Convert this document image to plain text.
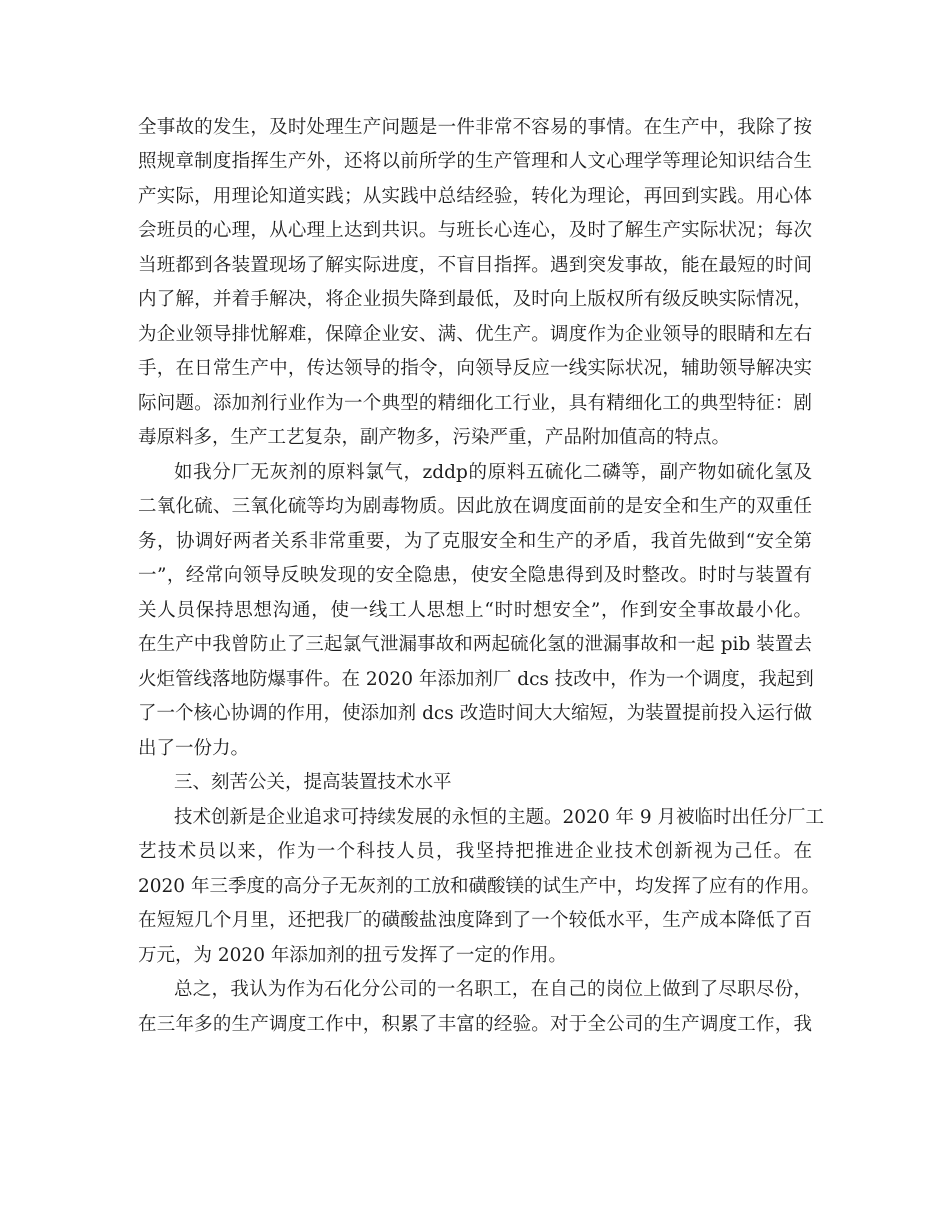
全事故的发生，及时处理生产问题是一件非常不容易的事情。在生产中，我除了按
照规章制度指挥生产外，还将以前所学的生产管理和人文心理学等理论知识结合生
产实际，用理论知道实践；从实践中总结经验，转化为理论，再回到实践。用心体
会班员的心理，从心理上达到共识。与班长心连心，及时了解生产实际状况；每次
当班都到各装置现场了解实际进度，不盲目指挥。遇到突发事故，能在最短的时间
内了解，并着手解决，将企业损失降到最低，及时向上版权所有级反映实际情况，
为企业领导排忧解难，保障企业安、满、优生产。调度作为企业领导的眼睛和左右
手，在日常生产中，传达领导的指令，向领导反应一线实际状况，辅助领导解决实
际问题。添加剂行业作为一个典型的精细化工行业，具有精细化工的典型特征：剧
毒原料多，生产工艺复杂，副产物多，污染严重，产品附加值高的特点。
如我分厂无灰剂的原料氯气，zddp的原料五硫化二磷等，副产物如硫化氢及
二氧化硫、三氧化硫等均为剧毒物质。因此放在调度面前的是安全和生产的双重任
务，协调好两者关系非常重要，为了克服安全和生产的矛盾，我首先做到“安全第
一”，经常向领导反映发现的安全隐患，使安全隐患得到及时整改。时时与装置有
关人员保持思想沟通，使一线工人思想上“时时想安全”，作到安全事故最小化。
在生产中我曾防止了三起氯气泄漏事故和两起硫化氢的泄漏事故和一起 pib 装置去
火炬管线落地防爆事件。在 2020 年添加剂厂 dcs 技改中，作为一个调度，我起到
了一个核心协调的作用，使添加剂 dcs 改造时间大大缩短，为装置提前投入运行做
出了一份力。
三、刻苦公关，提高装置技术水平
技术创新是企业追求可持续发展的永恒的主题。2020 年 9 月被临时出任分厂工
艺技术员以来，作为一个科技人员，我坚持把推进企业技术创新视为己任。在
2020 年三季度的高分子无灰剂的工放和磺酸镁的试生产中，均发挥了应有的作用。
在短短几个月里，还把我厂的磺酸盐浊度降到了一个较低水平，生产成本降低了百
万元，为 2020 年添加剂的扭亏发挥了一定的作用。
总之，我认为作为石化分公司的一名职工，在自己的岗位上做到了尽职尽份，
在三年多的生产调度工作中，积累了丰富的经验。对于全公司的生产调度工作，我
